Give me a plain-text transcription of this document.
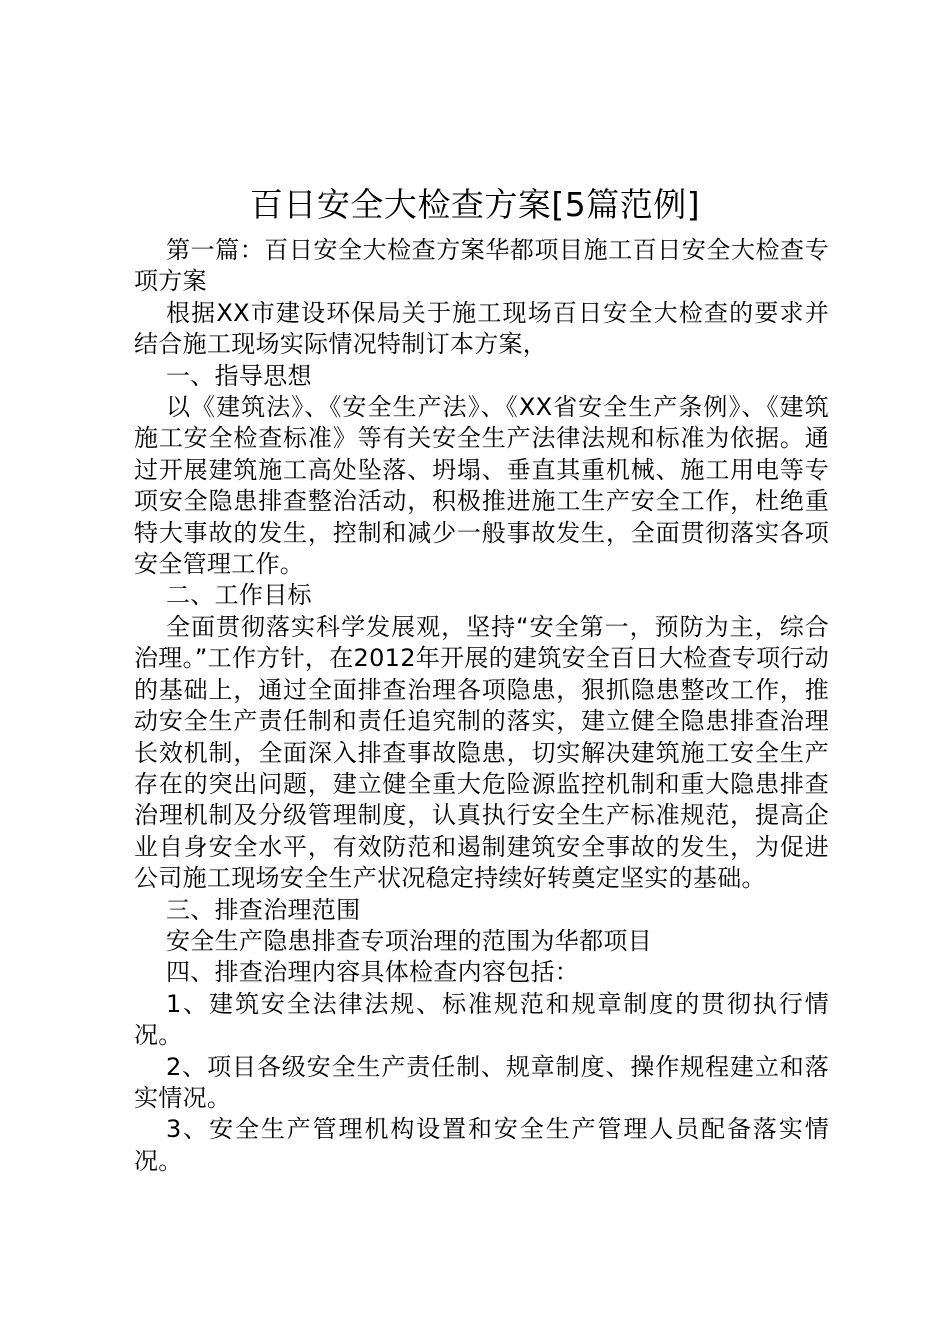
百日安全大检查方案[5篇范例]

第一篇：百日安全大检查方案华都项目施工百日安全大检查专项方案

根据XX市建设环保局关于施工现场百日安全大检查的要求并结合施工现场实际情况特制订本方案，

一、指导思想

以《建筑法》、《安全生产法》、《XX省安全生产条例》、《建筑施工安全检查标准》等有关安全生产法律法规和标准为依据。通过开展建筑施工高处坠落、坍塌、垂直其重机械、施工用电等专项安全隐患排查整治活动，积极推进施工生产安全工作，杜绝重特大事故的发生，控制和减少一般事故发生，全面贯彻落实各项安全管理工作。

二、工作目标

全面贯彻落实科学发展观，坚持“安全第一，预防为主，综合治理。”工作方针，在2012年开展的建筑安全百日大检查专项行动的基础上，通过全面排查治理各项隐患，狠抓隐患整改工作，推动安全生产责任制和责任追究制的落实，建立健全隐患排查治理长效机制，全面深入排查事故隐患，切实解决建筑施工安全生产存在的突出问题，建立健全重大危险源监控机制和重大隐患排查治理机制及分级管理制度，认真执行安全生产标准规范，提高企业自身安全水平，有效防范和遏制建筑安全事故的发生，为促进公司施工现场安全生产状况稳定持续好转奠定坚实的基础。

三、排查治理范围

安全生产隐患排查专项治理的范围为华都项目

四、排查治理内容具体检查内容包括：

1、建筑安全法律法规、标准规范和规章制度的贯彻执行情况。

2、项目各级安全生产责任制、规章制度、操作规程建立和落实情况。

3、安全生产管理机构设置和安全生产管理人员配备落实情况。
